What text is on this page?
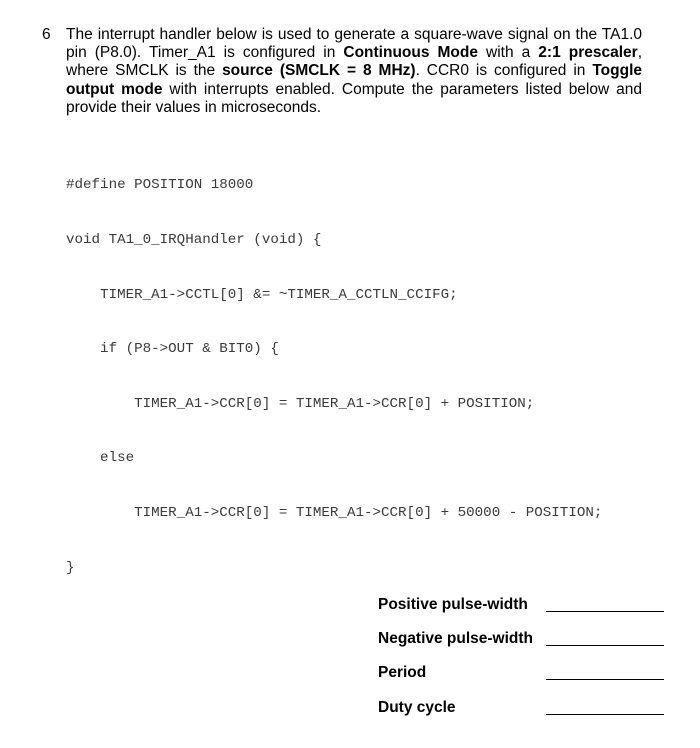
6 The interrupt handler below is used to generate a square-wave signal on the TA1.0 pin (P8.0). Timer_A1 is configured in Continuous Mode with a 2:1 prescaler, where SMCLK is the source (SMCLK = 8 MHz). CCR0 is configured in Toggle output mode with interrupts enabled. Compute the parameters listed below and provide their values in microseconds.

#define POSITION 18000

void TA1_0_IRQHandler (void) {

TIMER_A1->CCTL[0] &= ~TIMER_A_CCTLN_CCIFG;

if (P8->OUT & BIT0) {

TIMER_A1->CCR[0] = TIMER_A1->CCR[0] + POSITION;

else

TIMER_A1->CCR[0] = TIMER_A1->CCR[0] + 50000 - POSITION;

}

Positive pulse-width
Negative pulse-width
Period
Duty cycle
